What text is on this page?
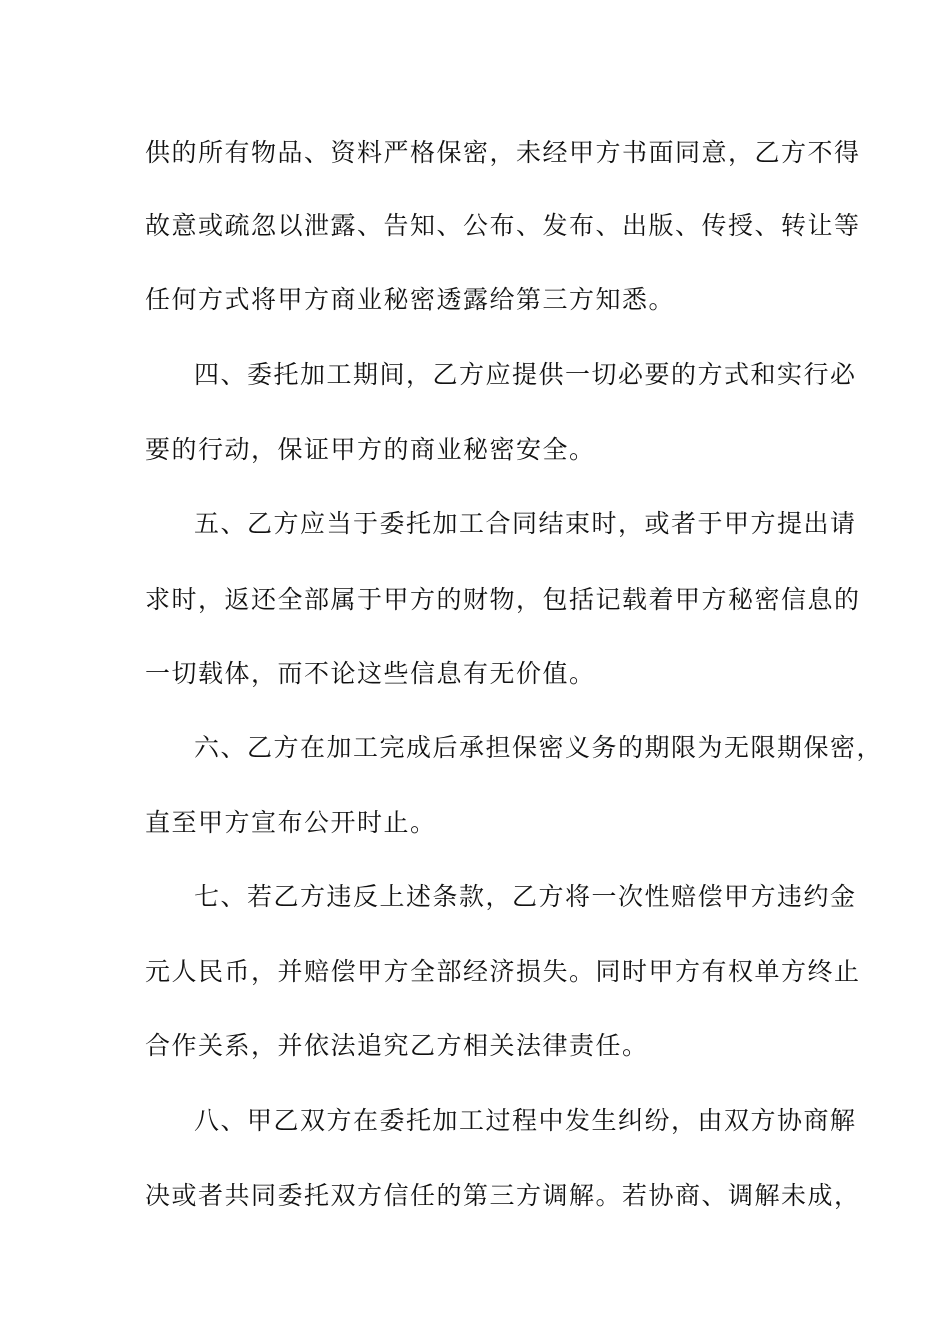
供的所有物品、资料严格保密，未经甲方书面同意，乙方不得
故意或疏忽以泄露、告知、公布、发布、出版、传授、转让等
任何方式将甲方商业秘密透露给第三方知悉。
四、委托加工期间，乙方应提供一切必要的方式和实行必
要的行动，保证甲方的商业秘密安全。
五、乙方应当于委托加工合同结束时，或者于甲方提出请
求时，返还全部属于甲方的财物，包括记载着甲方秘密信息的
一切载体，而不论这些信息有无价值。
六、乙方在加工完成后承担保密义务的期限为无限期保密，
直至甲方宣布公开时止。
七、若乙方违反上述条款，乙方将一次性赔偿甲方违约金
元人民币，并赔偿甲方全部经济损失。同时甲方有权单方终止
合作关系，并依法追究乙方相关法律责任。
八、甲乙双方在委托加工过程中发生纠纷，由双方协商解
决或者共同委托双方信任的第三方调解。若协商、调解未成，
